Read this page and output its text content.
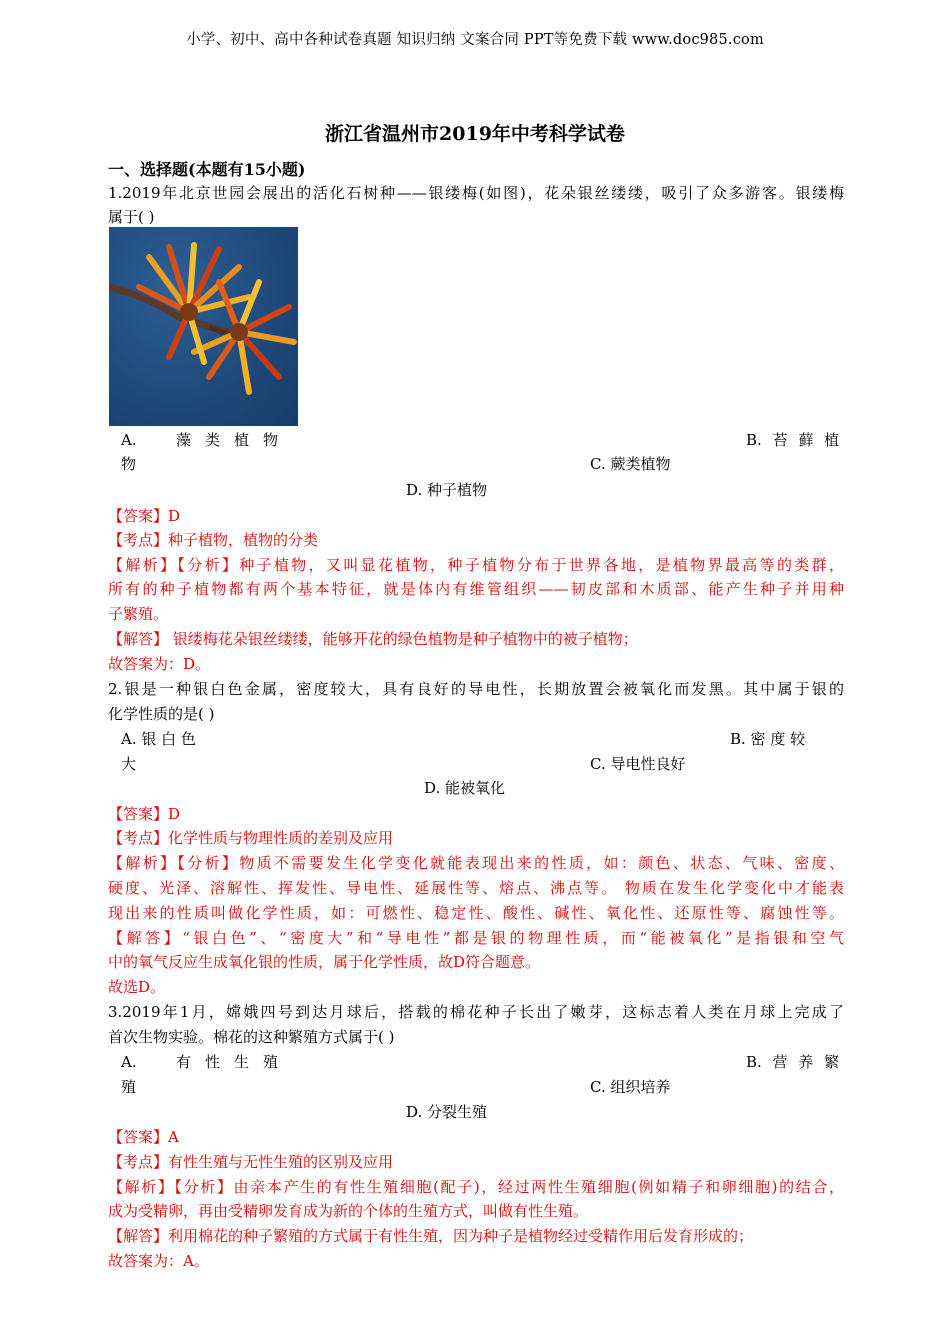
小学、初中、高中各种试卷真题 知识归纳 文案合同 PPT等免费下载 www.doc985.com
浙江省温州市2019年中考科学试卷
一、选择题(本题有15小题)
1.2019年北京世园会展出的活化石树种——银缕梅(如图)，花朵银丝缕缕，吸引了众多游客。银缕梅
属于( )
A.	藻类植物	B. 苔 藓 植
物	C. 蕨类植物
D. 种子植物
【答案】D
【考点】种子植物，植物的分类
【解析】【分析】种子植物，又叫显花植物，种子植物分布于世界各地，是植物界最高等的类群，
所有的种子植物都有两个基本特征，就是体内有维管组织——韧皮部和木质部、能产生种子并用种
子繁殖。
【解答】 银缕梅花朵银丝缕缕，能够开花的绿色植物是种子植物中的被子植物；
故答案为：D。
2.银是一种银白色金属，密度较大，具有良好的导电性，长期放置会被氧化而发黑。其中属于银的
化学性质的是( )
A. 银 白 色	B. 密 度 较
大	C. 导电性良好
D. 能被氧化
【答案】D
【考点】化学性质与物理性质的差别及应用
【解析】【分析】物质不需要发生化学变化就能表现出来的性质，如：颜色、状态、气味、密度、
硬度、光泽、溶解性、挥发性、导电性、延展性等、熔点、沸点等。 物质在发生化学变化中才能表
现出来的性质叫做化学性质，如：可燃性、稳定性、酸性、碱性、氧化性、还原性等、腐蚀性等。
【解答】“银白色”、“密度大”和“导电性”都是银的物理性质，而“能被氧化”是指银和空气
中的氧气反应生成氧化银的性质，属于化学性质，故D符合题意。
故选D。
3.2019年1月，嫦娥四号到达月球后，搭载的棉花种子长出了嫩芽，这标志着人类在月球上完成了
首次生物实验。棉花的这种繁殖方式属于( )
A.	有性生殖	B. 营 养 繁
殖	C. 组织培养
D. 分裂生殖
【答案】A
【考点】有性生殖与无性生殖的区别及应用
【解析】【分析】由亲本产生的有性生殖细胞(配子)，经过两性生殖细胞(例如精子和卵细胞)的结合，
成为受精卵，再由受精卵发育成为新的个体的生殖方式，叫做有性生殖。
【解答】利用棉花的种子繁殖的方式属于有性生殖，因为种子是植物经过受精作用后发育形成的；
故答案为：A。
